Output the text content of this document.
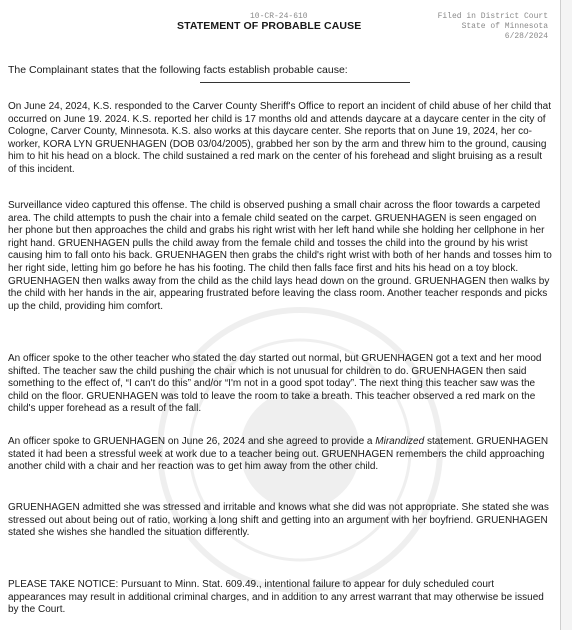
10-CR-24-610	Filed in District Court
State of Minnesota
6/28/2024
STATEMENT OF PROBABLE CAUSE
The Complainant states that the following facts establish probable cause:

On June 24, 2024, K.S. responded to the Carver County Sheriff's Office to report an incident of child abuse of her child that occurred on June 19. 2024. K.S. reported her child is 17 months old and attends daycare at a daycare center in the city of Cologne, Carver County, Minnesota. K.S. also works at this daycare center. She reports that on June 19, 2024, her co-worker, KORA LYN GRUENHAGEN (DOB 03/04/2005), grabbed her son by the arm and threw him to the ground, causing him to hit his head on a block. The child sustained a red mark on the center of his forehead and slight bruising as a result of this incident.

Surveillance video captured this offense. The child is observed pushing a small chair across the floor towards a carpeted area. The child attempts to push the chair into a female child seated on the carpet. GRUENHAGEN is seen engaged on her phone but then approaches the child and grabs his right wrist with her left hand while she holding her cellphone in her right hand. GRUENHAGEN pulls the child away from the female child and tosses the child into the ground by his wrist causing him to fall onto his back. GRUENHAGEN then grabs the child's right wrist with both of her hands and tosses him to her right side, letting him go before he has his footing. The child then falls face first and hits his head on a toy block. GRUENHAGEN then walks away from the child as the child lays head down on the ground. GRUENHAGEN then walks by the child with her hands in the air, appearing frustrated before leaving the class room. Another teacher responds and picks up the child, providing him comfort.

An officer spoke to the other teacher who stated the day started out normal, but GRUENHAGEN got a text and her mood shifted. The teacher saw the child pushing the chair which is not unusual for children to do. GRUENHAGEN then said something to the effect of, “I can't do this” and/or “I'm not in a good spot today”. The next thing this teacher saw was the child on the floor. GRUENHAGEN was told to leave the room to take a breath. This teacher observed a red mark on the child's upper forehead as a result of the fall.

An officer spoke to GRUENHAGEN on June 26, 2024 and she agreed to provide a Mirandized statement. GRUENHAGEN stated it had been a stressful week at work due to a teacher being out. GRUENHAGEN remembers the child approaching another child with a chair and her reaction was to get him away from the other child.

GRUENHAGEN admitted she was stressed and irritable and knows what she did was not appropriate. She stated she was stressed out about being out of ratio, working a long shift and getting into an argument with her boyfriend. GRUENHAGEN stated she wishes she handled the situation differently.

PLEASE TAKE NOTICE: Pursuant to Minn. Stat. 609.49., intentional failure to appear for duly scheduled court appearances may result in additional criminal charges, and in addition to any arrest warrant that may otherwise be issued by the Court.
